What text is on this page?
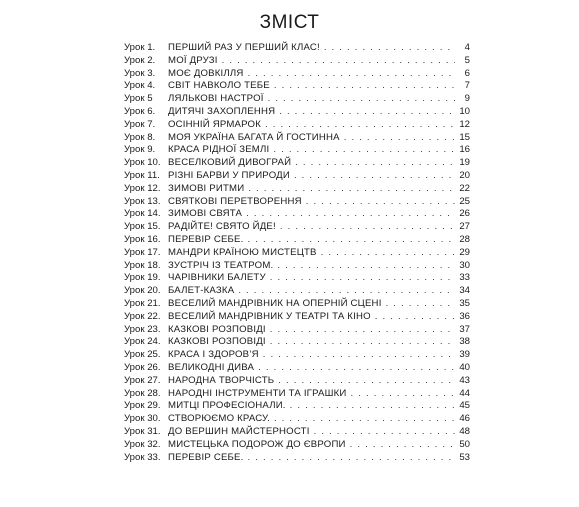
ЗМІСТ
Урок 1.	ПЕРШИЙ РАЗ У ПЕРШИЙ КЛАС! . . .	4
Урок 2.	МОЇ ДРУЗІ . . .	5
Урок 3.	МОЄ ДОВКІЛЛЯ . . .	6
Урок 4.	СВІТ НАВКОЛО ТЕБЕ . . .	7
Урок 5	ЛЯЛЬКОВІ НАСТРОЇ . . .	9
Урок 6.	ДИТЯЧІ ЗАХОПЛЕННЯ . . .	10
Урок 7.	ОСІННІЙ ЯРМАРОК . . .	12
Урок 8.	МОЯ УКРАЇНА БАГАТА Й ГОСТИННА . . .	15
Урок 9.	КРАСА РІДНОЇ ЗЕМЛІ . . .	16
Урок 10. ВЕСЕЛКОВИЙ ДИВОГРАЙ . . .	19
Урок 11. РІЗНІ БАРВИ У ПРИРОДИ . . .	20
Урок 12. ЗИМОВІ РИТМИ . . .	22
Урок 13. СВЯТКОВІ ПЕРЕТВОРЕННЯ . . .	25
Урок 14. ЗИМОВІ СВЯТА . . .	26
Урок 15. РАДІЙТЕ! СВЯТО ЙДЕ! . . .	27
Урок 16. ПЕРЕВІР СЕБЕ. . . .	28
Урок 17. МАНДРИ КРАЇНОЮ МИСТЕЦТВ . . .	29
Урок 18. ЗУСТРІЧ ІЗ ТЕАТРОМ. . . .	30
Урок 19. ЧАРІВНИКИ БАЛЕТУ . . .	33
Урок 20. БАЛЕТ-КАЗКА . . .	34
Урок 21. ВЕСЕЛИЙ МАНДРІВНИК НА ОПЕРНІЙ СЦЕНІ . . .	35
Урок 22. ВЕСЕЛИЙ МАНДРІВНИК У ТЕАТРІ ТА КІНО . . .	36
Урок 23. КАЗКОВІ РОЗПОВІДІ . . .	37
Урок 24. КАЗКОВІ РОЗПОВІДІ . . .	38
Урок 25. КРАСА І ЗДОРОВ’Я . . .	39
Урок 26. ВЕЛИКОДНІ ДИВА . . .	40
Урок 27. НАРОДНА ТВОРЧІСТЬ . . .	43
Урок 28. НАРОДНІ ІНСТРУМЕНТИ ТА ІГРАШКИ . . .	44
Урок 29. МИТЦІ ПРОФЕСІОНАЛИ. . . .	45
Урок 30. СТВОРЮЄМО КРАСУ. . . .	46
Урок 31. ДО ВЕРШИН МАЙСТЕРНОСТІ . . .	48
Урок 32. МИСТЕЦЬКА ПОДОРОЖ ДО ЄВРОПИ . . .	50
Урок 33. ПЕРЕВІР СЕБЕ. . . .	53
